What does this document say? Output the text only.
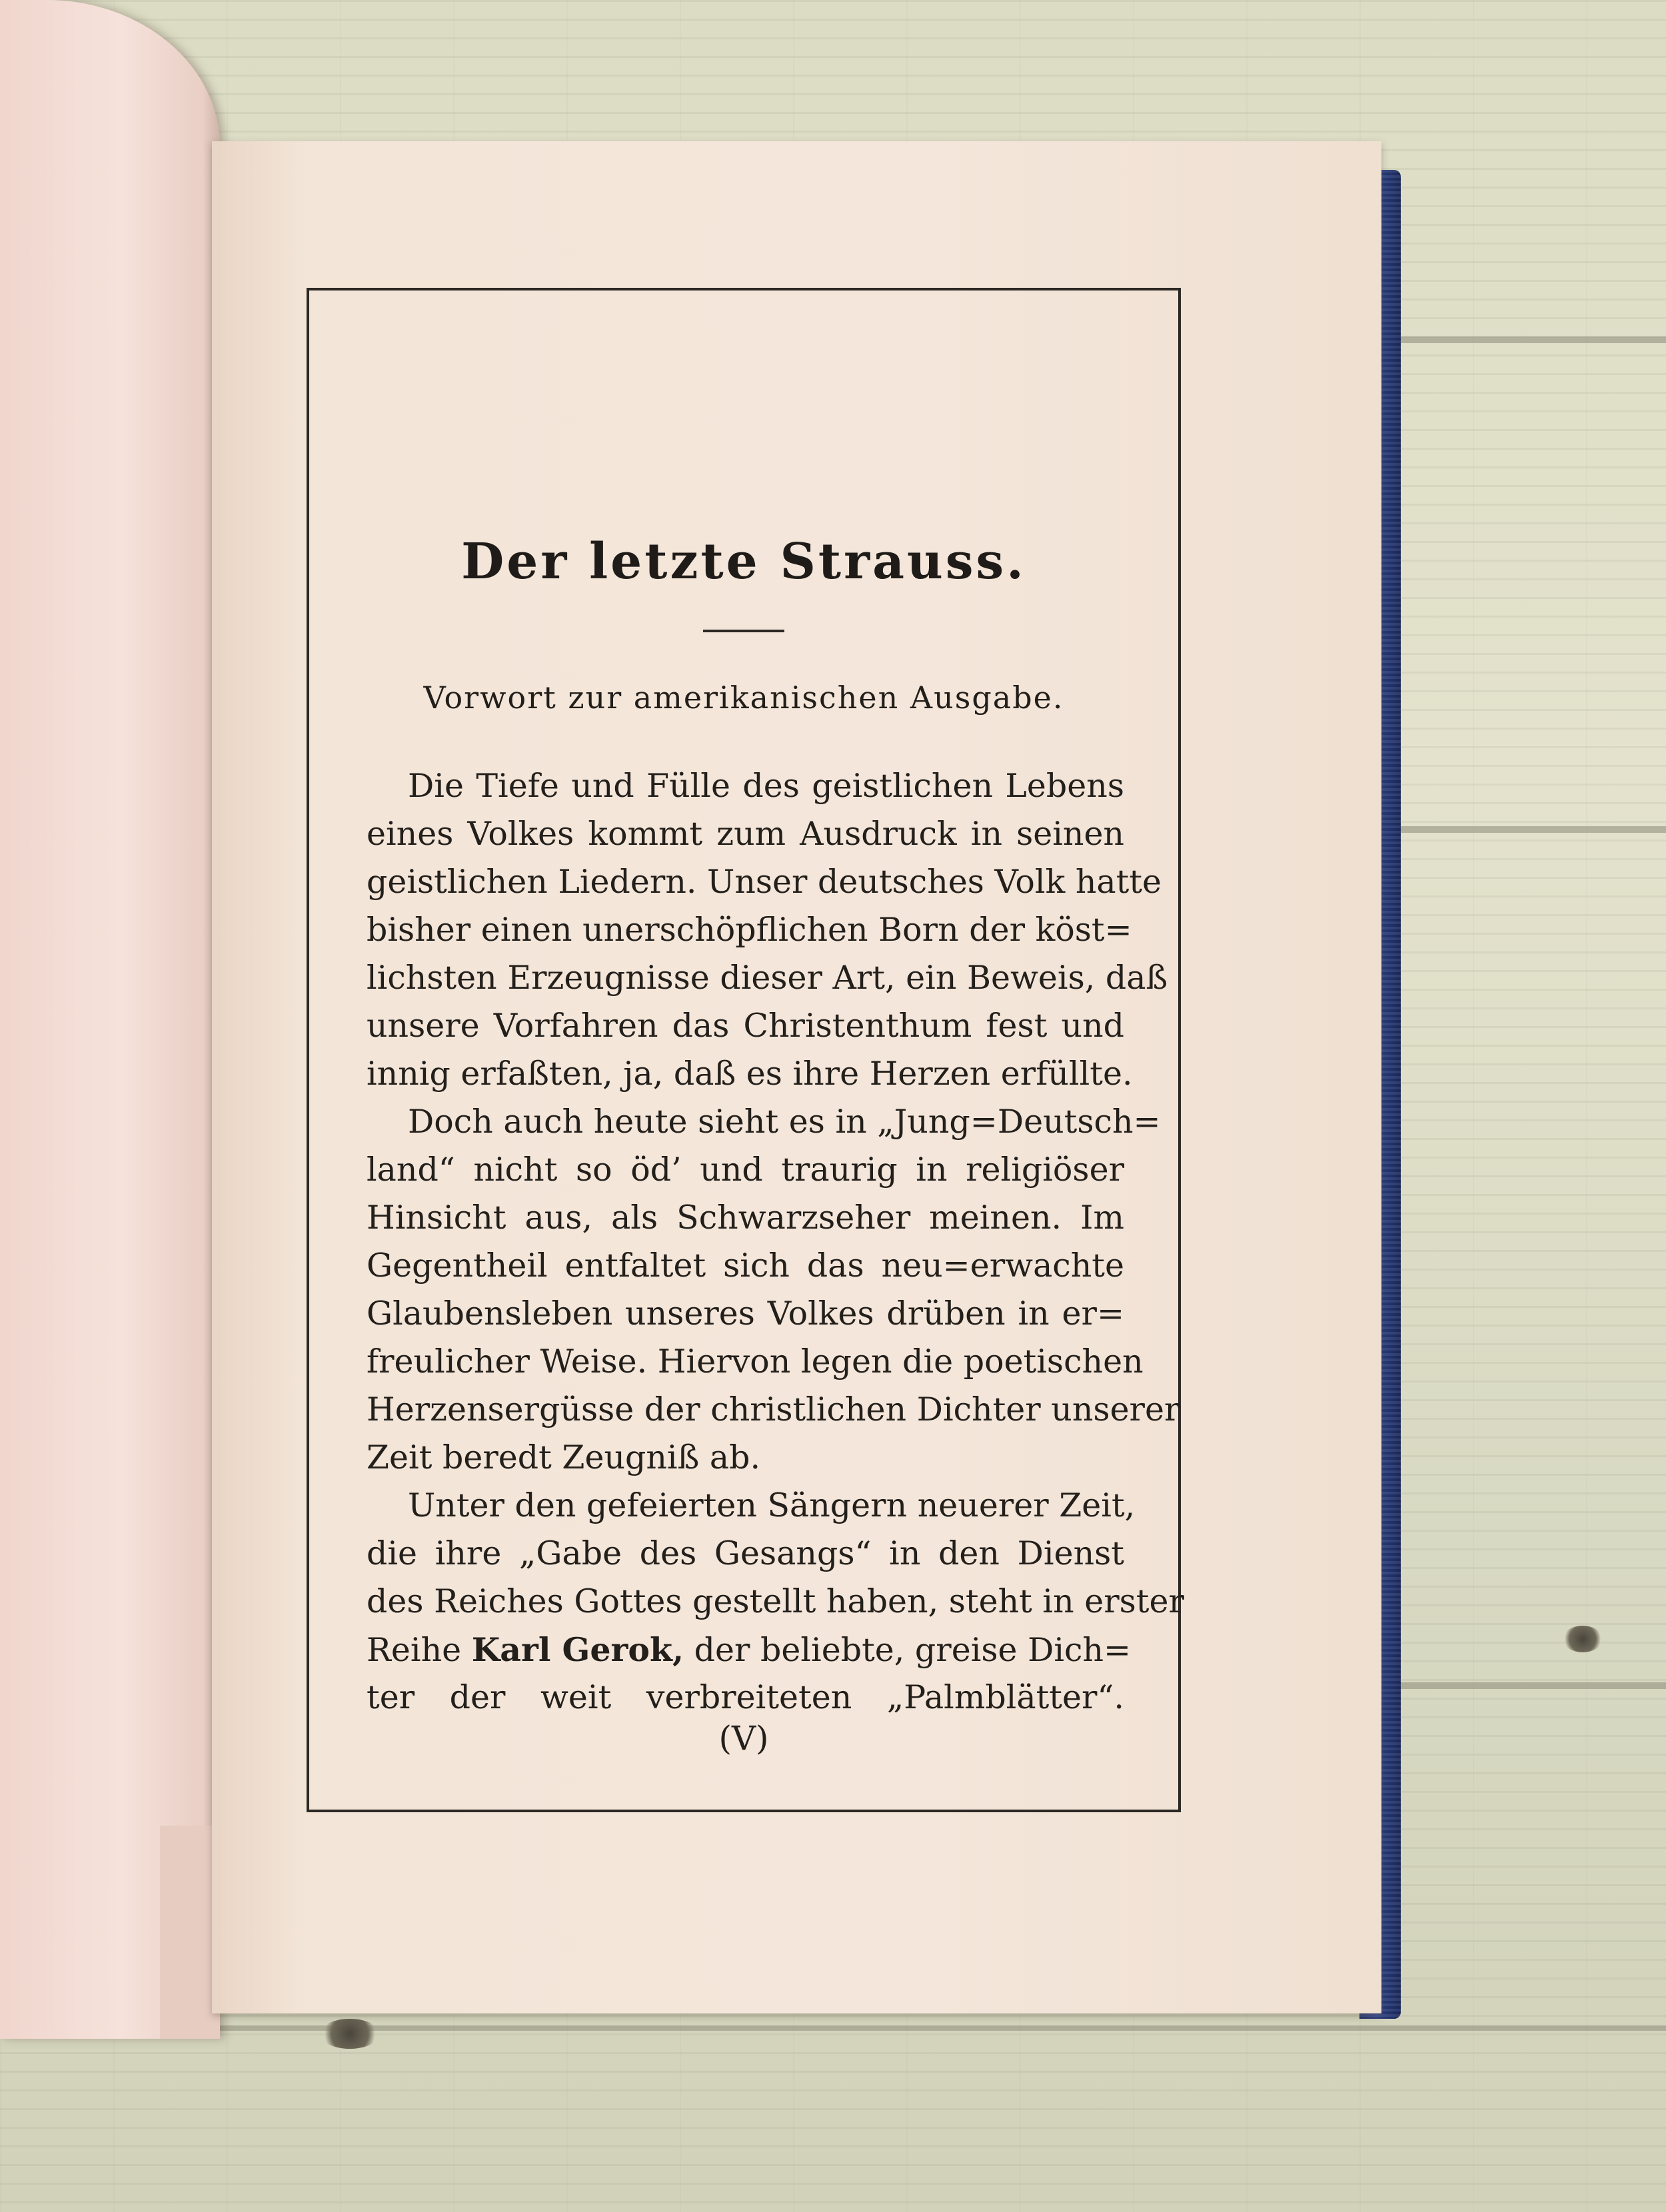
Der letzte Strauss.
Vorwort zur amerikanischen Ausgabe.
Die Tiefe und Fülle des geistlichen Lebens
eines Volkes kommt zum Ausdruck in seinen
geistlichen Liedern. Unser deutsches Volk hatte
bisher einen unerschöpflichen Born der köst=
lichsten Erzeugnisse dieser Art, ein Beweis, daß
unsere Vorfahren das Christenthum fest und
innig erfaßten, ja, daß es ihre Herzen erfüllte.
Doch auch heute sieht es in „Jung=Deutsch=
land“ nicht so öd’ und traurig in religiöser
Hinsicht aus, als Schwarzseher meinen. Im
Gegentheil entfaltet sich das neu=erwachte
Glaubensleben unseres Volkes drüben in er=
freulicher Weise. Hiervon legen die poetischen
Herzensergüsse der christlichen Dichter unserer
Zeit beredt Zeugniß ab.
Unter den gefeierten Sängern neuerer Zeit,
die ihre „Gabe des Gesangs“ in den Dienst
des Reiches Gottes gestellt haben, steht in erster
Reihe Karl Gerok, der beliebte, greise Dich=
ter der weit verbreiteten „Palmblätter“.
(V)
